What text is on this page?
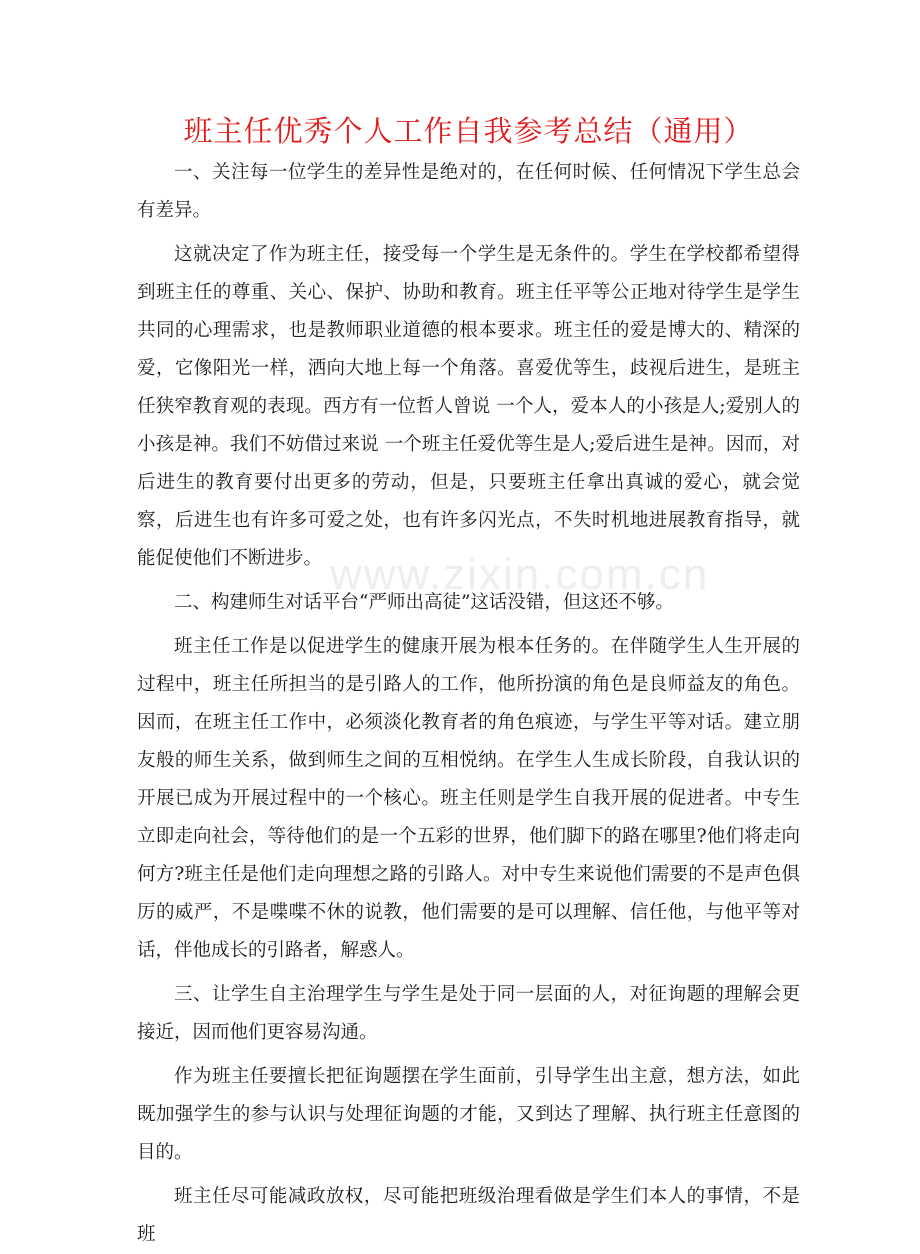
www.zixin.com.cn
班主任优秀个人工作自我参考总结（通用）

一、关注每一位学生的差异性是绝对的，在任何时候、任何情况下学生总会有差异。

这就决定了作为班主任，接受每一个学生是无条件的。学生在学校都希望得到班主任的尊重、关心、保护、协助和教育。班主任平等公正地对待学生是学生共同的心理需求，也是教师职业道德的根本要求。班主任的爱是博大的、精深的爱，它像阳光一样，洒向大地上每一个角落。喜爱优等生，歧视后进生，是班主任狭窄教育观的表现。西方有一位哲人曾说 一个人，爱本人的小孩是人;爱别人的小孩是神。我们不妨借过来说 一个班主任爱优等生是人;爱后进生是神。因而，对后进生的教育要付出更多的劳动，但是，只要班主任拿出真诚的爱心，就会觉察，后进生也有许多可爱之处，也有许多闪光点，不失时机地进展教育指导，就能促使他们不断进步。

二、构建师生对话平台“严师出高徒”这话没错，但这还不够。

班主任工作是以促进学生的健康开展为根本任务的。在伴随学生人生开展的过程中，班主任所担当的是引路人的工作，他所扮演的角色是良师益友的角色。因而，在班主任工作中，必须淡化教育者的角色痕迹，与学生平等对话。建立朋友般的师生关系，做到师生之间的互相悦纳。在学生人生成长阶段，自我认识的开展已成为开展过程中的一个核心。班主任则是学生自我开展的促进者。中专生立即走向社会，等待他们的是一个五彩的世界，他们脚下的路在哪里?他们将走向何方?班主任是他们走向理想之路的引路人。对中专生来说他们需要的不是声色俱厉的威严，不是喋喋不休的说教，他们需要的是可以理解、信任他，与他平等对话，伴他成长的引路者，解惑人。

三、让学生自主治理学生与学生是处于同一层面的人，对征询题的理解会更接近，因而他们更容易沟通。

作为班主任要擅长把征询题摆在学生面前，引导学生出主意，想方法，如此既加强学生的参与认识与处理征询题的才能，又到达了理解、执行班主任意图的目的。

班主任尽可能减政放权，尽可能把班级治理看做是学生们本人的事情，不是班
